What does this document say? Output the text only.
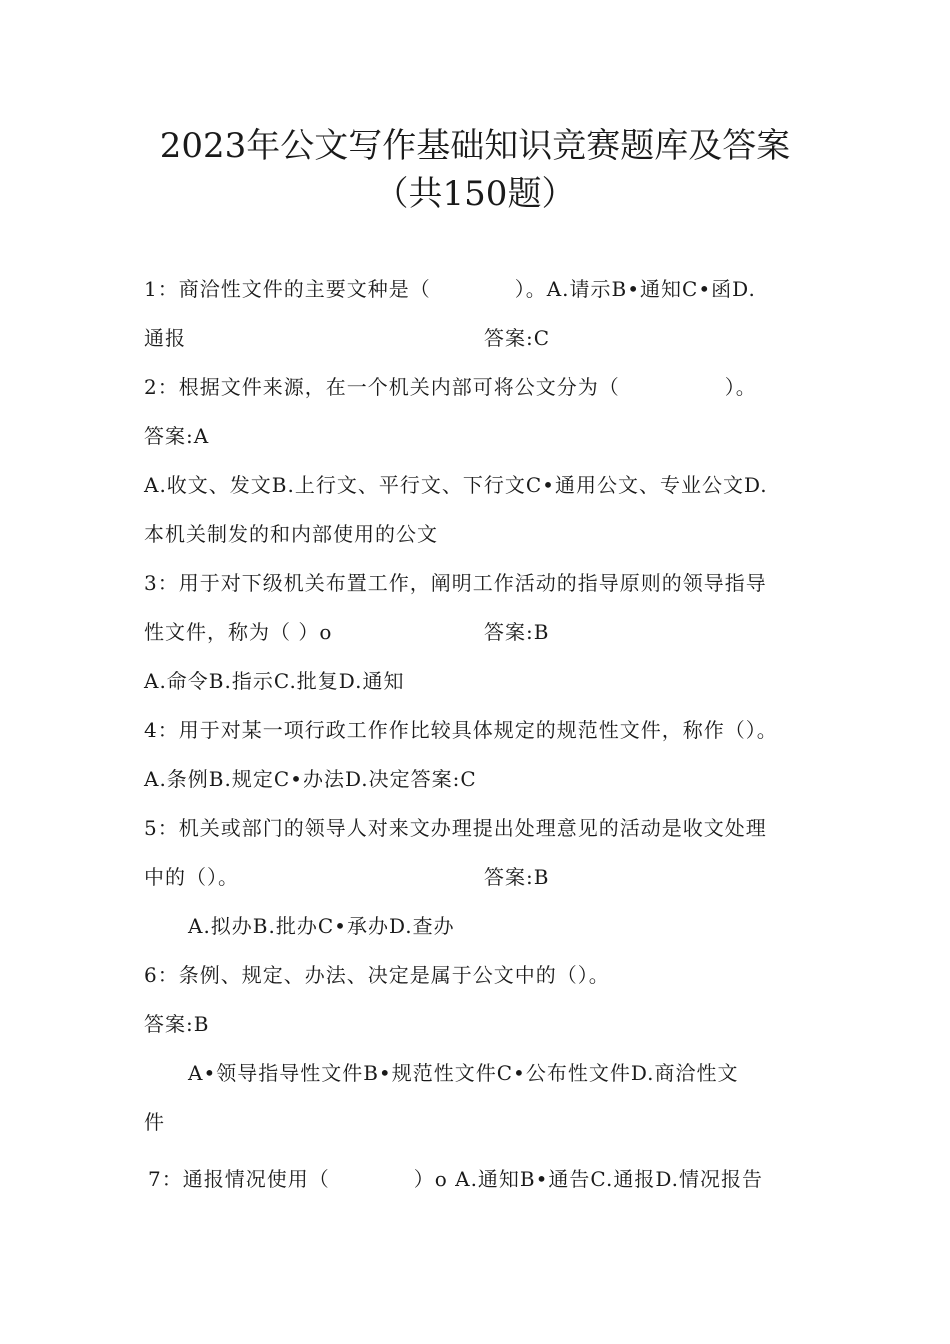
2023年公文写作基础知识竞赛题库及答案
（共150题）
1：商洽性文件的主要文种是（　　　　）。A.请示B•通知C•函D.
通报	答案:C
2：根据文件来源，在一个机关内部可将公文分为（　　　　　）。
答案:A
A.收文、发文B.上行文、平行文、下行文C•通用公文、专业公文D.
本机关制发的和内部使用的公文
3：用于对下级机关布置工作，阐明工作活动的指导原则的领导指导
性文件，称为（ ）o	答案:B
A.命令B.指示C.批复D.通知
4：用于对某一项行政工作作比较具体规定的规范性文件，称作（）。
A.条例B.规定C•办法D.决定答案:C
5：机关或部门的领导人对来文办理提出处理意见的活动是收文处理
中的（）。	答案:B
A.拟办B.批办C•承办D.查办
6：条例、规定、办法、决定是属于公文中的（）。
答案:B
A•领导指导性文件B•规范性文件C•公布性文件D.商洽性文
件
7：通报情况使用（　　　　）o A.通知B•通告C.通报D.情况报告
